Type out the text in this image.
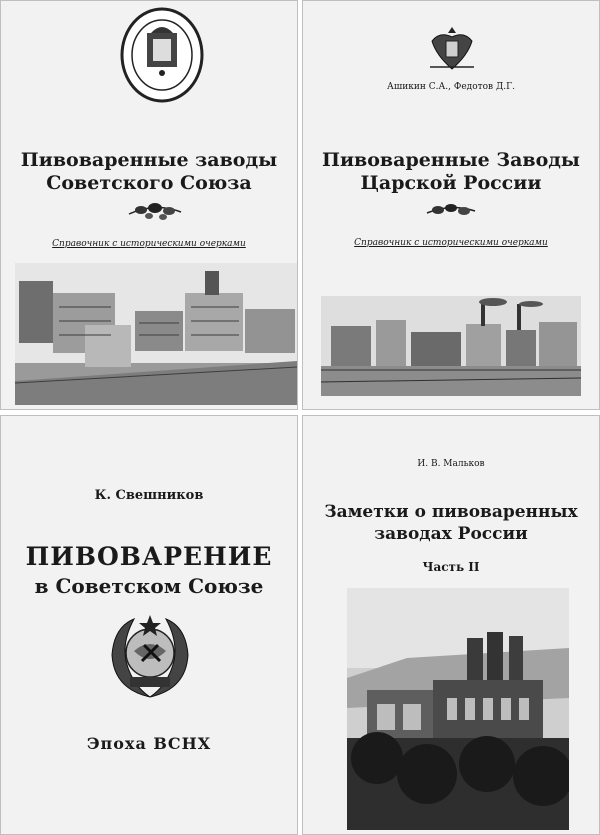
Пивоваренные заводы
Советского Союза
Справочник с историческими очерками
Ашикин С.А., Федотов Д.Г.
Пивоваренные Заводы
Царской России
Справочник с историческими очерками
К. Свешников
ПИВОВАРЕНИЕ
в Советском Союзе
Эпоха ВСНХ
И. В. Мальков
Заметки о пивоваренных
заводах России
Часть II
